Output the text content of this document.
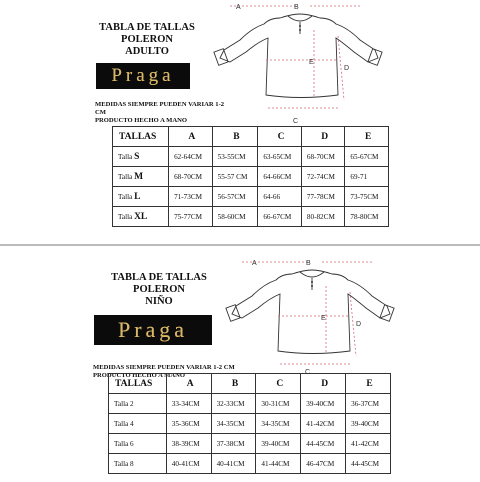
TABLA DE TALLAS
POLERON
ADULTO
Praga
A	B
C
D
E
MEDIDAS SIEMPRE PUEDEN VARIAR 1-2
CM
PRODUCTO HECHO A MANO
TALLAS	A	B	C	D	E
Talla S	62-64CM	53-55CM	63-65CM	68-70CM	65-67CM
Talla M	68-70CM	55-57 CM	64-66CM	72-74CM	69-71
Talla L	71-73CM	56-57CM	64-66	77-78CM	73-75CM
Talla XL	75-77CM	58-60CM	66-67CM	80-82CM	78-80CM
TABLA DE TALLAS
POLERON
NIÑO
Praga
A	B
C
D
E
MEDIDAS SIEMPRE PUEDEN VARIAR 1-2 CM
PRODUCTO HECHO A MANO
TALLAS	A	B	C	D	E
Talla 2	33-34CM	32-33CM	30-31CM	39-40CM	36-37CM
Talla 4	35-36CM	34-35CM	34-35CM	41-42CM	39-40CM
Talla 6	38-39CM	37-38CM	39-40CM	44-45CM	41-42CM
Talla 8	40-41CM	40-41CM	41-44CM	46-47CM	44-45CM
